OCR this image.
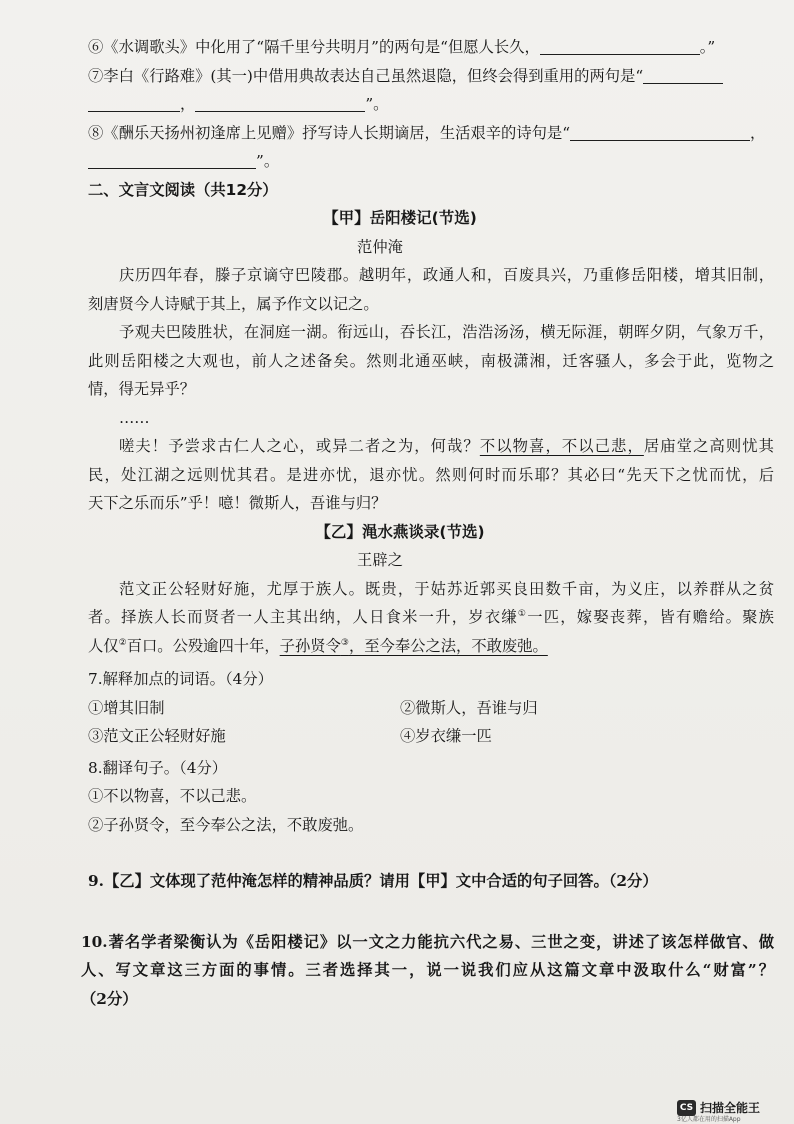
⑥《水调歌头》中化用了“隔千里兮共明月”的两句是“但愿人长久，	。”
⑦李白《行路难》(其一)中借用典故表达自己虽然退隐，但终会得到重用的两句是“
，	”。
⑧《酬乐天扬州初逢席上见赠》抒写诗人长期谪居，生活艰辛的诗句是“	，
”。
二、文言文阅读（共12分）
【甲】岳阳楼记(节选)
范仲淹
庆历四年春，滕子京谪守巴陵郡。越明年，政通人和，百废具兴，乃重修岳阳楼，增其旧制，
刻唐贤今人诗赋于其上，属予作文以记之。
予观夫巴陵胜状，在洞庭一湖。衔远山，吞长江，浩浩汤汤，横无际涯，朝晖夕阴，气象万千，
此则岳阳楼之大观也，前人之述备矣。然则北通巫峡，南极潇湘，迁客骚人，多会于此，览物之
情，得无异乎？
……
嗟夫！予尝求古仁人之心，或异二者之为，何哉？不以物喜，不以己悲，居庙堂之高则忧其
民，处江湖之远则忧其君。是进亦忧，退亦忧。然则何时而乐耶？其必曰“先天下之忧而忧，后
天下之乐而乐”乎！噫！微斯人，吾谁与归？
【乙】渑水燕谈录(节选)
王辟之
范文正公轻财好施，尤厚于族人。既贵，于姑苏近郭买良田数千亩，为义庄，以养群从之贫
者。择族人长而贤者一人主其出纳，人日食米一升，岁衣缣①一匹，嫁娶丧葬，皆有赡给。聚族
人仅②百口。公殁逾四十年，子孙贤令③，至今奉公之法，不敢废弛。
7.解释加点的词语。（4分）
①增其旧制	②微斯人，吾谁与归
③范文正公轻财好施	④岁衣缣一匹
8.翻译句子。（4分）
①不以物喜，不以己悲。
②子孙贤令，至今奉公之法，不敢废弛。
9.【乙】文体现了范仲淹怎样的精神品质？请用【甲】文中合适的句子回答。（2分）
10.著名学者梁衡认为《岳阳楼记》以一文之力能抗六代之易、三世之变，讲述了该怎样做官、做
人、写文章这三方面的事情。三者选择其一，说一说我们应从这篇文章中汲取什么“财富”？
（2分）
CS 扫描全能王
3亿人都在用的扫描App
